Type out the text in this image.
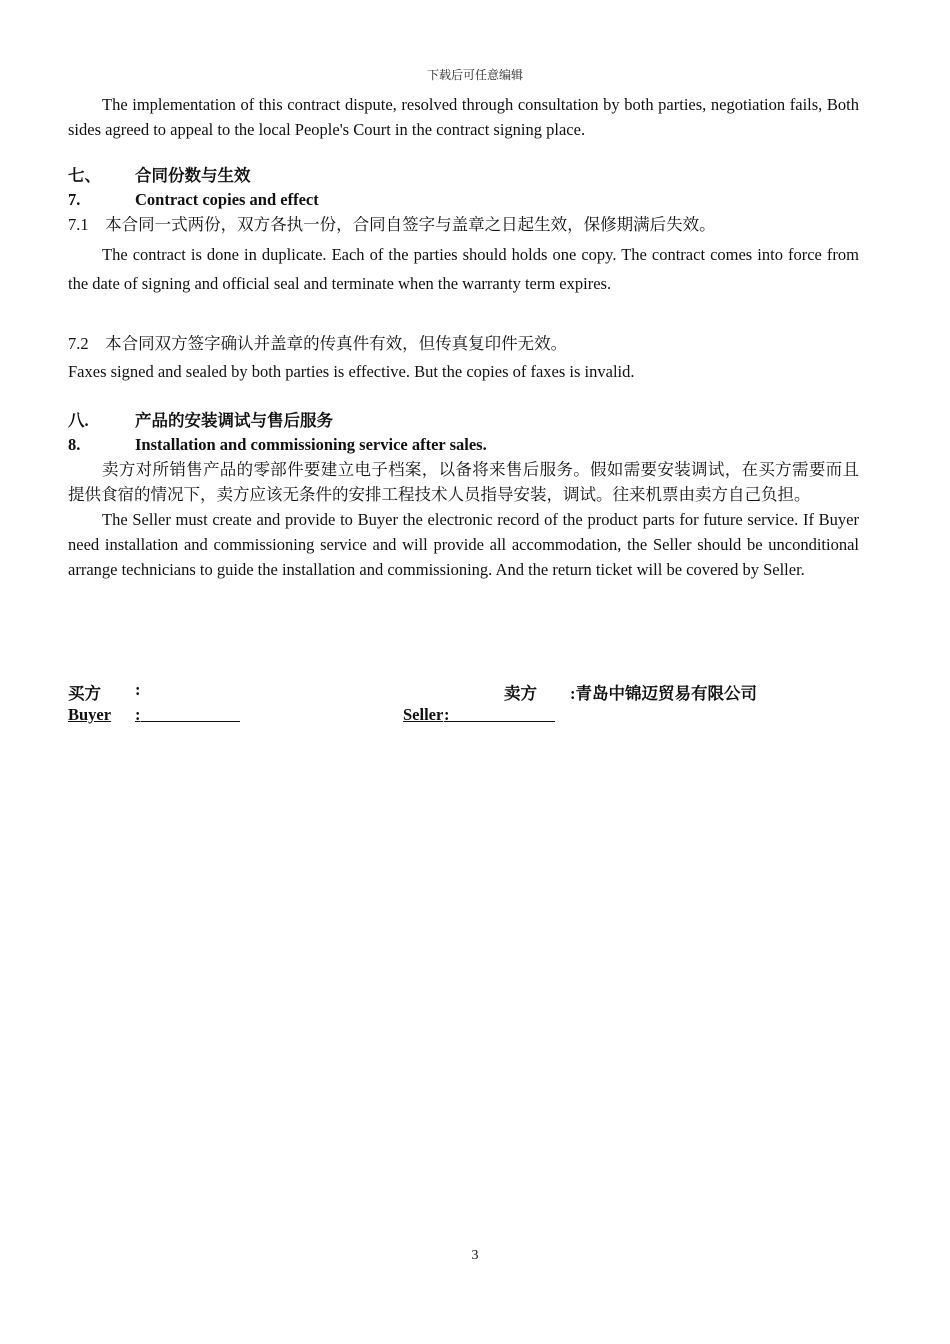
下载后可任意编辑
The implementation of this contract dispute, resolved through consultation by both parties, negotiation fails, Both sides agreed to appeal to the local People's Court in the contract signing place.
七、	合同份数与生效
7.	Contract copies and effect
7.1　本合同一式两份，双方各执一份，合同自签字与盖章之日起生效，保修期满后失效。
The contract is done in duplicate. Each of the parties should holds one copy. The contract comes into force from the date of signing and official seal and terminate when the warranty term expires.
7.2　本合同双方签字确认并盖章的传真件有效，但传真复印件无效。
Faxes signed and sealed by both parties is effective. But the copies of faxes is invalid.
八.	产品的安装调试与售后服务
8.	Installation and commissioning service after sales.
卖方对所销售产品的零部件要建立电子档案，以备将来售后服务。假如需要安装调试，在买方需要而且提供食宿的情况下，卖方应该无条件的安排工程技术人员指导安装，调试。往来机票由卖方自己负担。
The Seller must create and provide to Buyer the electronic record of the product parts for future service. If Buyer need installation and commissioning service and will provide all accommodation, the Seller should be unconditional arrange technicians to guide the installation and commissioning. And the return ticket will be covered by Seller.
买方 :	卖方 :青岛中锦迈贸易有限公司
Buyer :	Seller :
3
